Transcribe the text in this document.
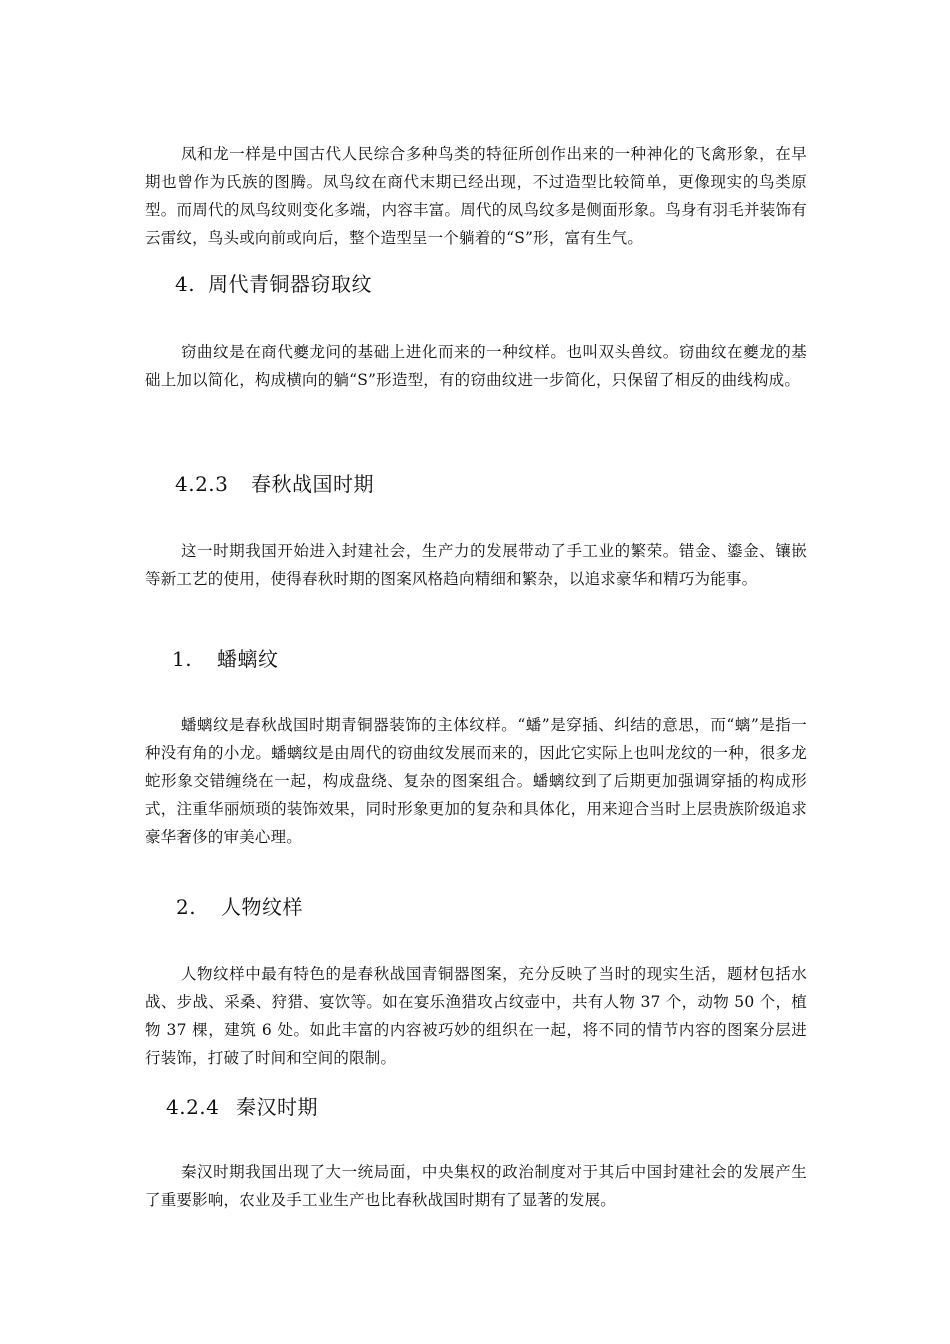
凤和龙一样是中国古代人民综合多种鸟类的特征所创作出来的一种神化的飞禽形象，在早期也曾作为氏族的图腾。凤鸟纹在商代末期已经出现，不过造型比较简单，更像现实的鸟类原型。而周代的凤鸟纹则变化多端，内容丰富。周代的凤鸟纹多是侧面形象。鸟身有羽毛并装饰有云雷纹，鸟头或向前或向后，整个造型呈一个躺着的“S”形，富有生气。

4. 周代青铜器窃取纹

窃曲纹是在商代夔龙问的基础上进化而来的一种纹样。也叫双头兽纹。窃曲纹在夔龙的基础上加以简化，构成横向的躺“S”形造型，有的窃曲纹进一步简化，只保留了相反的曲线构成。

4.2.3 春秋战国时期

这一时期我国开始进入封建社会，生产力的发展带动了手工业的繁荣。错金、鎏金、镶嵌等新工艺的使用，使得春秋时期的图案风格趋向精细和繁杂，以追求豪华和精巧为能事。

1. 蟠螭纹

蟠螭纹是春秋战国时期青铜器装饰的主体纹样。“蟠”是穿插、纠结的意思，而“螭”是指一种没有角的小龙。蟠螭纹是由周代的窃曲纹发展而来的，因此它实际上也叫龙纹的一种，很多龙蛇形象交错缠绕在一起，构成盘绕、复杂的图案组合。蟠螭纹到了后期更加强调穿插的构成形式，注重华丽烦琐的装饰效果，同时形象更加的复杂和具体化，用来迎合当时上层贵族阶级追求豪华奢侈的审美心理。

2. 人物纹样

人物纹样中最有特色的是春秋战国青铜器图案，充分反映了当时的现实生活，题材包括水战、步战、采桑、狩猎、宴饮等。如在宴乐渔猎攻占纹壶中，共有人物 37 个，动物 50 个，植物 37 棵，建筑 6 处。如此丰富的内容被巧妙的组织在一起，将不同的情节内容的图案分层进行装饰，打破了时间和空间的限制。

4.2.4 秦汉时期

秦汉时期我国出现了大一统局面，中央集权的政治制度对于其后中国封建社会的发展产生了重要影响，农业及手工业生产也比春秋战国时期有了显著的发展。
